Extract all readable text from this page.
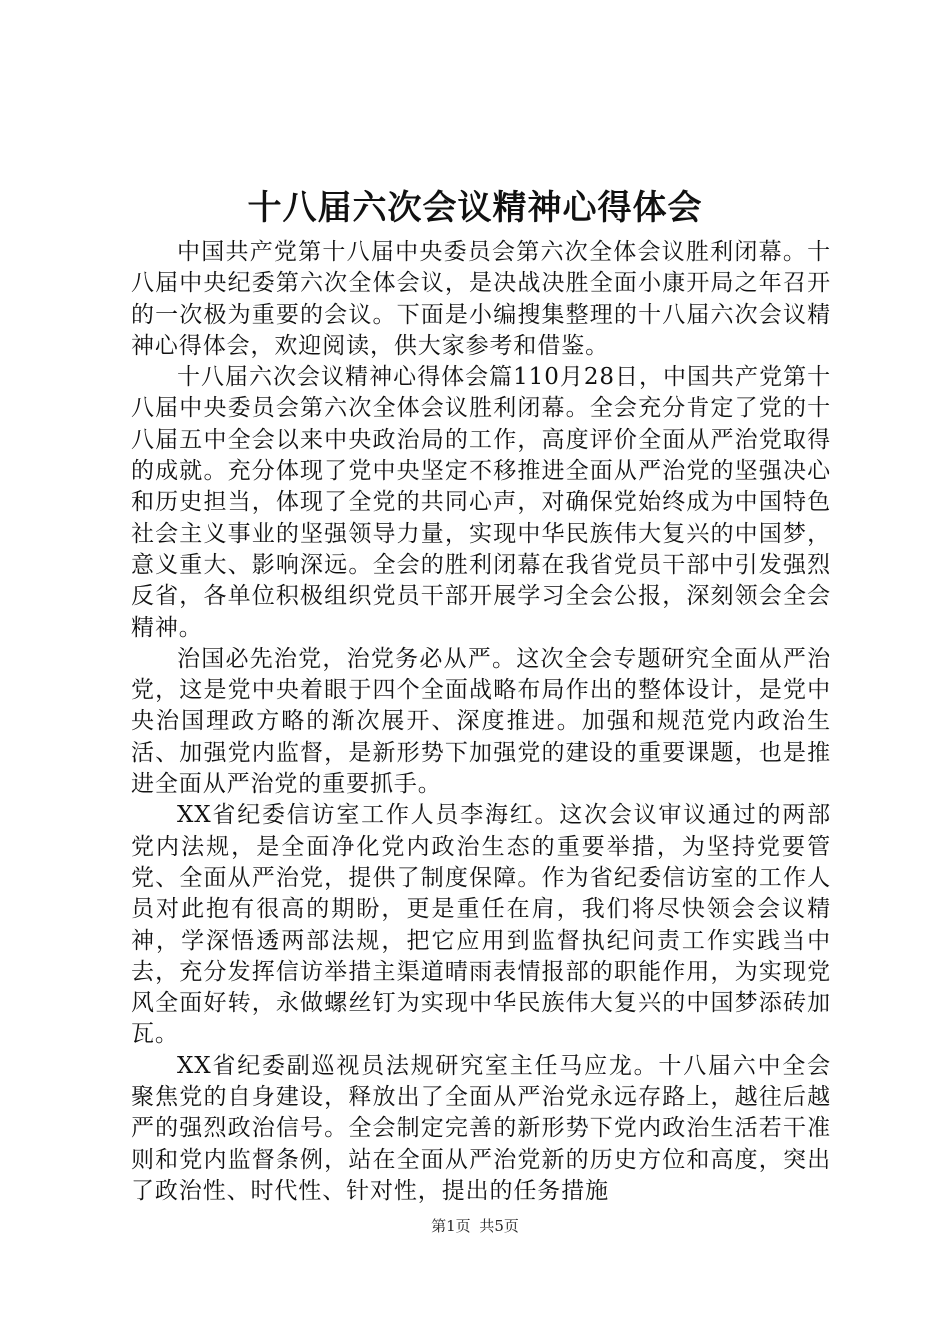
十八届六次会议精神心得体会

中国共产党第十八届中央委员会第六次全体会议胜利闭幕。十八届中央纪委第六次全体会议，是决战决胜全面小康开局之年召开的一次极为重要的会议。下面是小编搜集整理的十八届六次会议精神心得体会，欢迎阅读，供大家参考和借鉴。

十八届六次会议精神心得体会篇110月28日，中国共产党第十八届中央委员会第六次全体会议胜利闭幕。全会充分肯定了党的十八届五中全会以来中央政治局的工作，高度评价全面从严治党取得的成就。充分体现了党中央坚定不移推进全面从严治党的坚强决心和历史担当，体现了全党的共同心声，对确保党始终成为中国特色社会主义事业的坚强领导力量，实现中华民族伟大复兴的中国梦，意义重大、影响深远。全会的胜利闭幕在我省党员干部中引发强烈反省，各单位积极组织党员干部开展学习全会公报，深刻领会全会精神。

治国必先治党，治党务必从严。这次全会专题研究全面从严治党，这是党中央着眼于四个全面战略布局作出的整体设计，是党中央治国理政方略的渐次展开、深度推进。加强和规范党内政治生活、加强党内监督，是新形势下加强党的建设的重要课题，也是推进全面从严治党的重要抓手。

XX省纪委信访室工作人员李海红。这次会议审议通过的两部党内法规，是全面净化党内政治生态的重要举措，为坚持党要管党、全面从严治党，提供了制度保障。作为省纪委信访室的工作人员对此抱有很高的期盼，更是重任在肩，我们将尽快领会会议精神，学深悟透两部法规，把它应用到监督执纪问责工作实践当中去，充分发挥信访举措主渠道晴雨表情报部的职能作用，为实现党风全面好转，永做螺丝钉为实现中华民族伟大复兴的中国梦添砖加瓦。

XX省纪委副巡视员法规研究室主任马应龙。十八届六中全会聚焦党的自身建设，释放出了全面从严治党永远存路上，越往后越严的强烈政治信号。全会制定完善的新形势下党内政治生活若干准则和党内监督条例，站在全面从严治党新的历史方位和高度，突出了政治性、时代性、针对性，提出的任务措施

第1页 共5页
